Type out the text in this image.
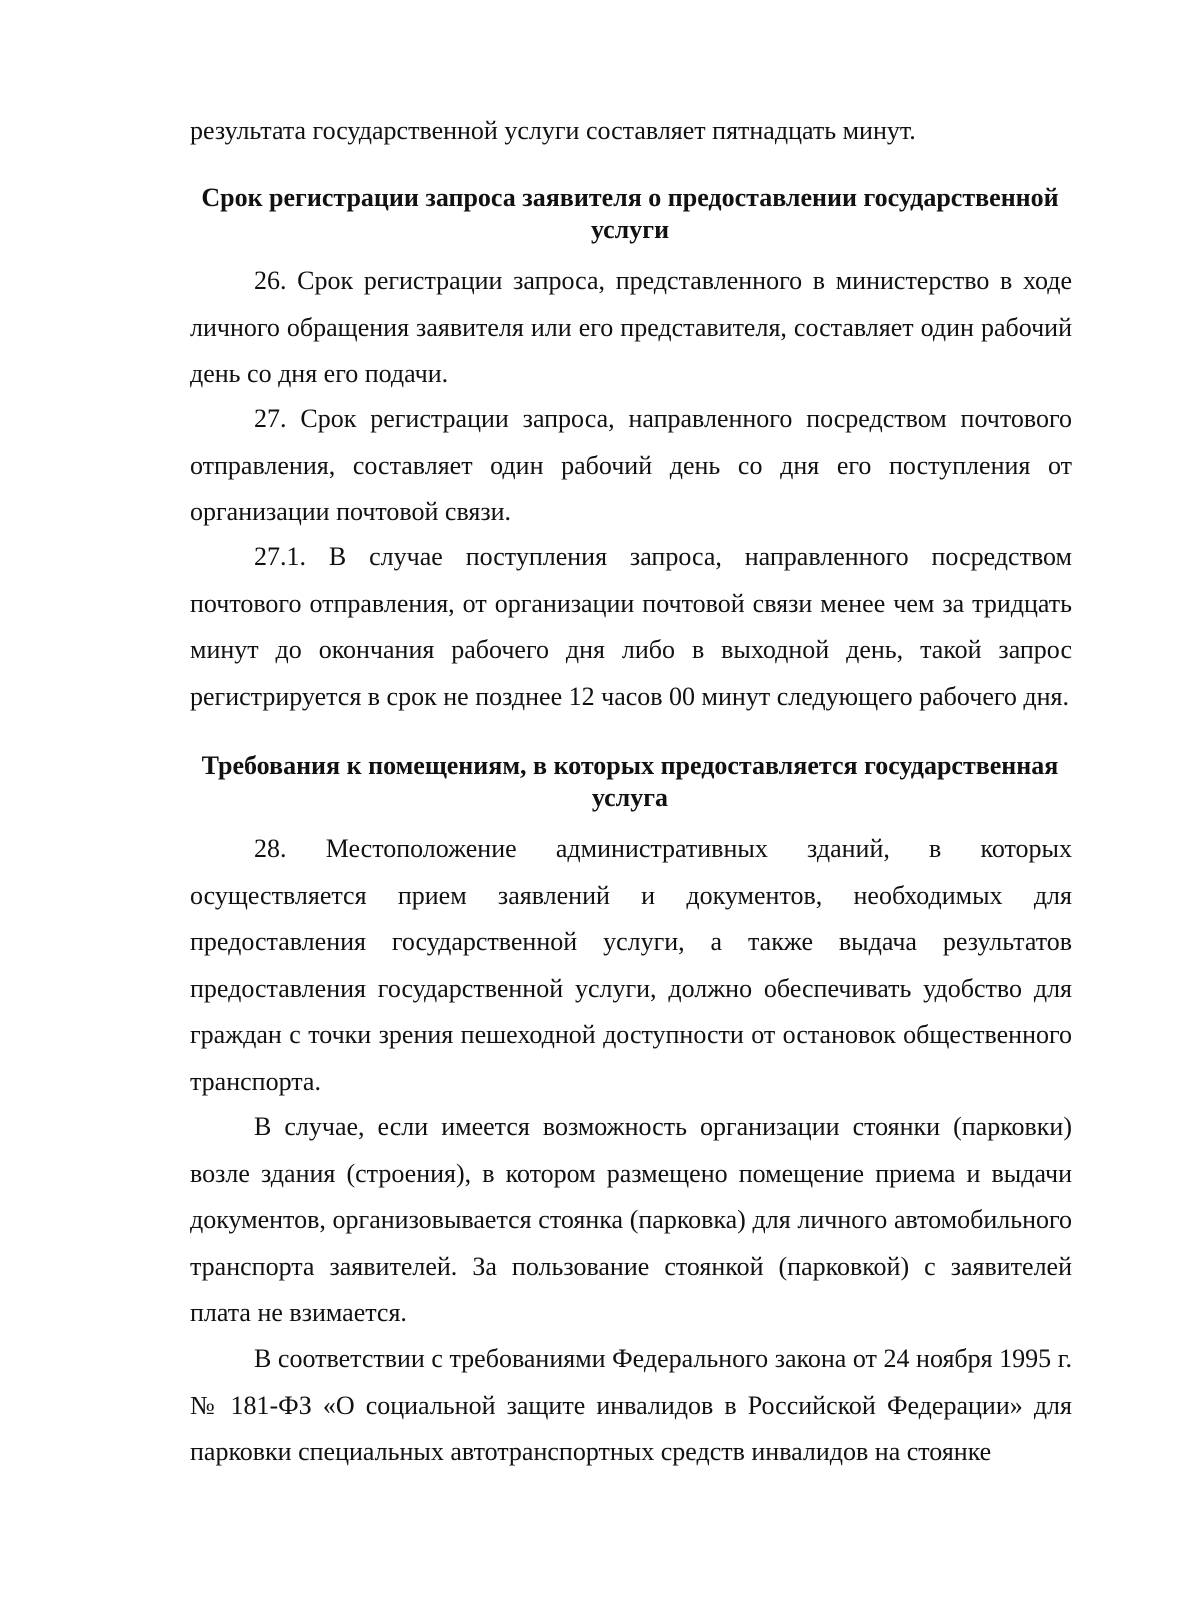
результата государственной услуги составляет пятнадцать минут.

Срок регистрации запроса заявителя о предоставлении государственной услуги

26. Срок регистрации запроса, представленного в министерство в ходе личного обращения заявителя или его представителя, составляет один рабочий день со дня его подачи.

27. Срок регистрации запроса, направленного посредством почтового отправления, составляет один рабочий день со дня его поступления от организации почтовой связи.

27.1. В случае поступления запроса, направленного посредством почтового отправления, от организации почтовой связи менее чем за тридцать минут до окончания рабочего дня либо в выходной день, такой запрос регистрируется в срок не позднее 12 часов 00 минут следующего рабочего дня.

Требования к помещениям, в которых предоставляется государственная услуга

28. Местоположение административных зданий, в которых осуществляется прием заявлений и документов, необходимых для предоставления государственной услуги, а также выдача результатов предоставления государственной услуги, должно обеспечивать удобство для граждан с точки зрения пешеходной доступности от остановок общественного транспорта.

В случае, если имеется возможность организации стоянки (парковки) возле здания (строения), в котором размещено помещение приема и выдачи документов, организовывается стоянка (парковка) для личного автомобильного транспорта заявителей. За пользование стоянкой (парковкой) с заявителей плата не взимается.

В соответствии с требованиями Федерального закона от 24 ноября 1995 г. № 181-ФЗ «О социальной защите инвалидов в Российской Федерации» для парковки специальных автотранспортных средств инвалидов на стоянке
